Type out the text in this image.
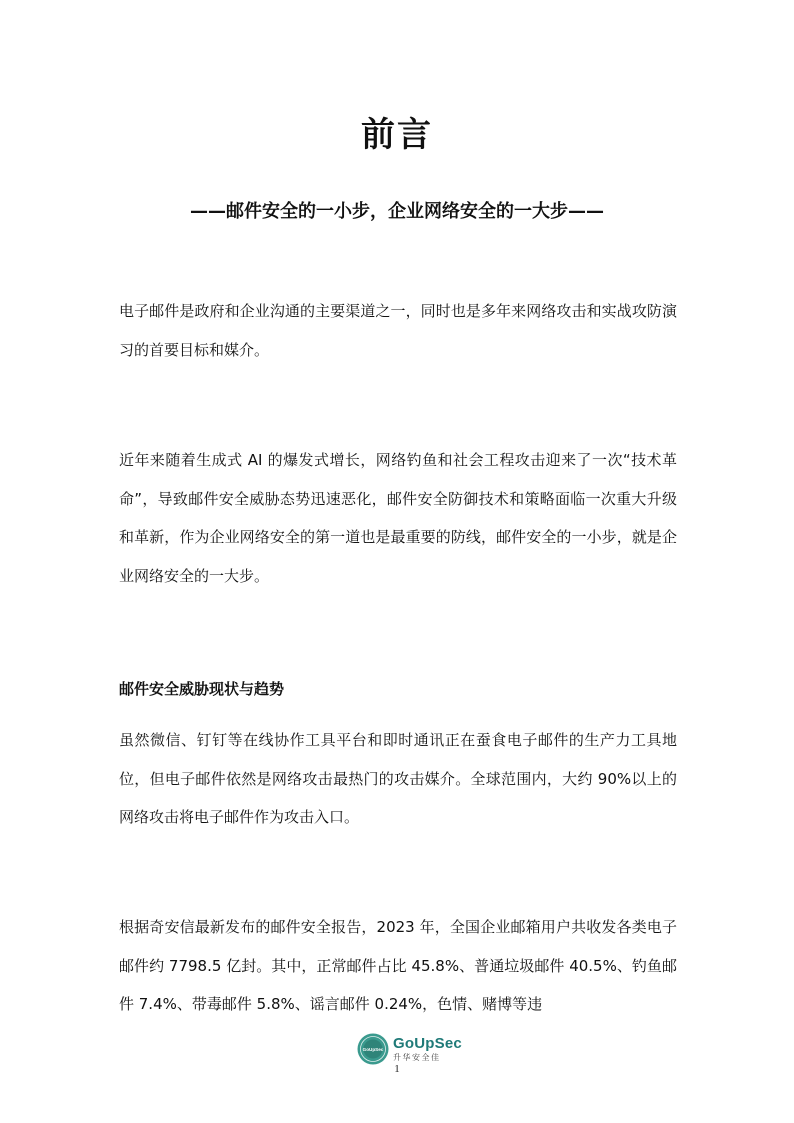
前言

——邮件安全的一小步，企业网络安全的一大步——

电子邮件是政府和企业沟通的主要渠道之一，同时也是多年来网络攻击和实战攻防演习的首要目标和媒介。

近年来随着生成式 AI 的爆发式增长，网络钓鱼和社会工程攻击迎来了一次“技术革命”，导致邮件安全威胁态势迅速恶化，邮件安全防御技术和策略面临一次重大升级和革新，作为企业网络安全的第一道也是最重要的防线，邮件安全的一小步，就是企业网络安全的一大步。

邮件安全威胁现状与趋势

虽然微信、钉钉等在线协作工具平台和即时通讯正在蚕食电子邮件的生产力工具地位，但电子邮件依然是网络攻击最热门的攻击媒介。全球范围内，大约 90%以上的网络攻击将电子邮件作为攻击入口。

根据奇安信最新发布的邮件安全报告，2023 年，全国企业邮箱用户共收发各类电子邮件约 7798.5 亿封。其中，正常邮件占比 45.8%、普通垃圾邮件 40.5%、钓鱼邮件 7.4%、带毒邮件 5.8%、谣言邮件 0.24%，色情、赌博等违

GoUpSec GoUpSec
升华安全佳
1
